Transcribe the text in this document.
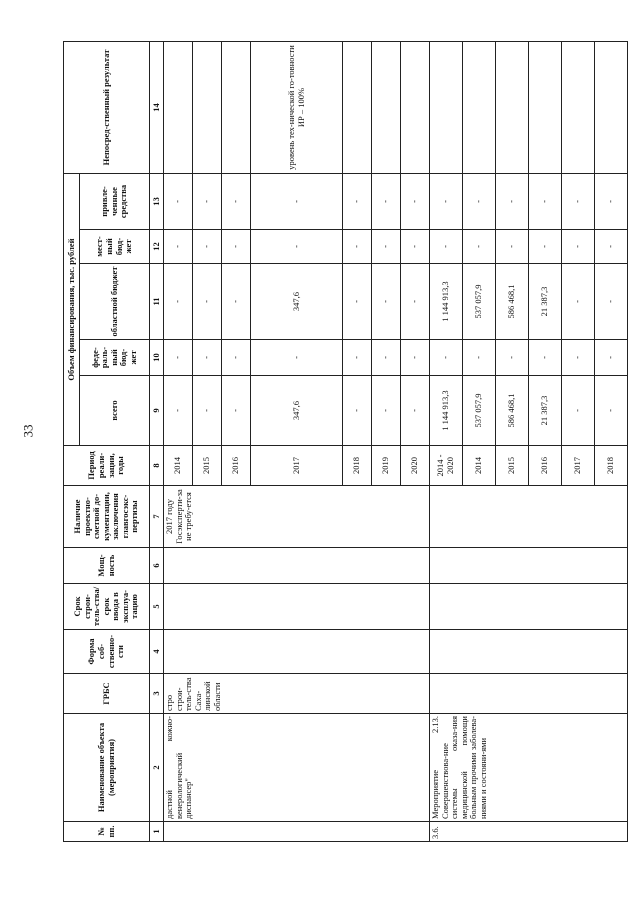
33
№ пп.	Наименование объекта (мероприятия)	ГРБС	Форма соб-ственно-сти	Срок строи-тель-ства/срок ввода в эксплуа-тацию	Мощ-ность	Наличие проектно-сметной до-кументации, заключения главгосэкс-пертизы	Период реали-зации, годы	Объем финансирования, тыс. рублей					Непосред-ственный результат
								всего	феде-раль-ный бюд-жет	областной бюджет	мест-ный бюд-жет	привле-ченные средства	
1	2	3	4	5	6	7	8	9	10	11	12	13	14
	дастной кожно-венерологический диспансер"	стро строи-тель-ства Саха-линской области				2017 году Госэксперти-за не требу-ется	2014	-	-	-	-	-	
							2015	-	-	-	-	-	
							2016	-	-	-	-	-	
							2017	347,6	-	347,6	-	-	уровень тех-нической го-товности ИР – 100%
							2018	-	-	-	-	-	
							2019	-	-	-	-	-	
							2020	-	-	-	-	-	
3.6.	Мероприятие 2.13. Совершенствова-ние системы оказа-ния медицинской помощи больным прочими заболева-ниями и состояни-ями						2014 - 2020	1 144 913,3	-	1 144 913,3	-	-	
							2014	537 057,9	-	537 057,9	-	-	
							2015	586 468,1	-	586 468,1	-	-	
							2016	21 387,3	-	21 387,3	-	-	
							2017	-	-	-	-	-	
							2018	-	-	-	-	-	
